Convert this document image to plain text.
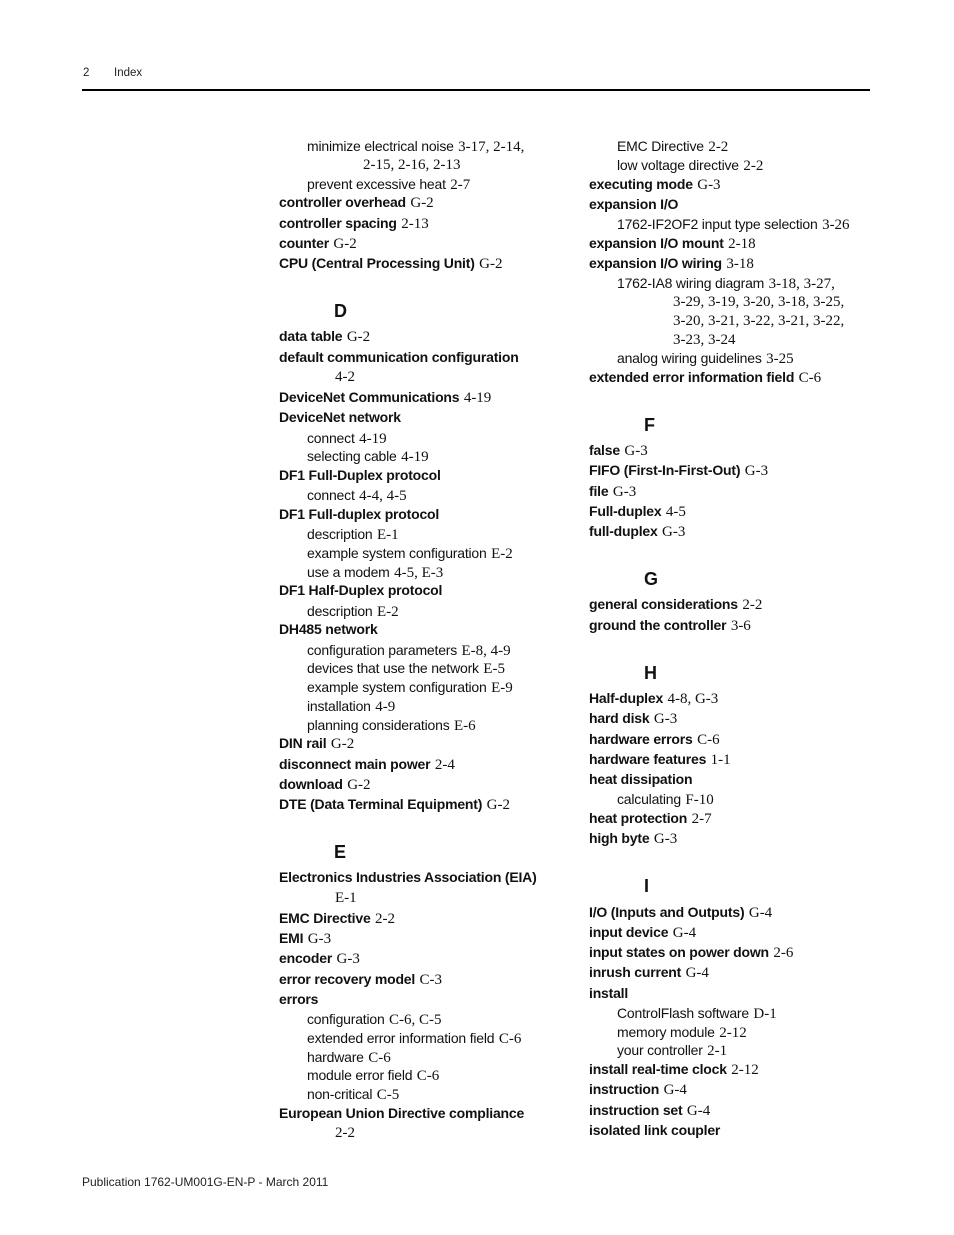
2 Index
minimize electrical noise 3-17, 2-14,
2-15, 2-16, 2-13
prevent excessive heat 2-7
controller overhead G-2
controller spacing 2-13
counter G-2
CPU (Central Processing Unit) G-2
D
data table G-2
default communication configuration
4-2
DeviceNet Communications 4-19
DeviceNet network
connect 4-19
selecting cable 4-19
DF1 Full-Duplex protocol
connect 4-4, 4-5
DF1 Full-duplex protocol
description E-1
example system configuration E-2
use a modem 4-5, E-3
DF1 Half-Duplex protocol
description E-2
DH485 network
configuration parameters E-8, 4-9
devices that use the network E-5
example system configuration E-9
installation 4-9
planning considerations E-6
DIN rail G-2
disconnect main power 2-4
download G-2
DTE (Data Terminal Equipment) G-2
E
Electronics Industries Association (EIA)
E-1
EMC Directive 2-2
EMI G-3
encoder G-3
error recovery model C-3
errors
configuration C-6, C-5
extended error information field C-6
hardware C-6
module error field C-6
non-critical C-5
European Union Directive compliance
2-2
EMC Directive 2-2
low voltage directive 2-2
executing mode G-3
expansion I/O
1762-IF2OF2 input type selection 3-26
expansion I/O mount 2-18
expansion I/O wiring 3-18
1762-IA8 wiring diagram 3-18, 3-27,
3-29, 3-19, 3-20, 3-18, 3-25,
3-20, 3-21, 3-22, 3-21, 3-22,
3-23, 3-24
analog wiring guidelines 3-25
extended error information field C-6
F
false G-3
FIFO (First-In-First-Out) G-3
file G-3
Full-duplex 4-5
full-duplex G-3
G
general considerations 2-2
ground the controller 3-6
H
Half-duplex 4-8, G-3
hard disk G-3
hardware errors C-6
hardware features 1-1
heat dissipation
calculating F-10
heat protection 2-7
high byte G-3
I
I/O (Inputs and Outputs) G-4
input device G-4
input states on power down 2-6
inrush current G-4
install
ControlFlash software D-1
memory module 2-12
your controller 2-1
install real-time clock 2-12
instruction G-4
instruction set G-4
isolated link coupler
Publication 1762-UM001G-EN-P - March 2011
